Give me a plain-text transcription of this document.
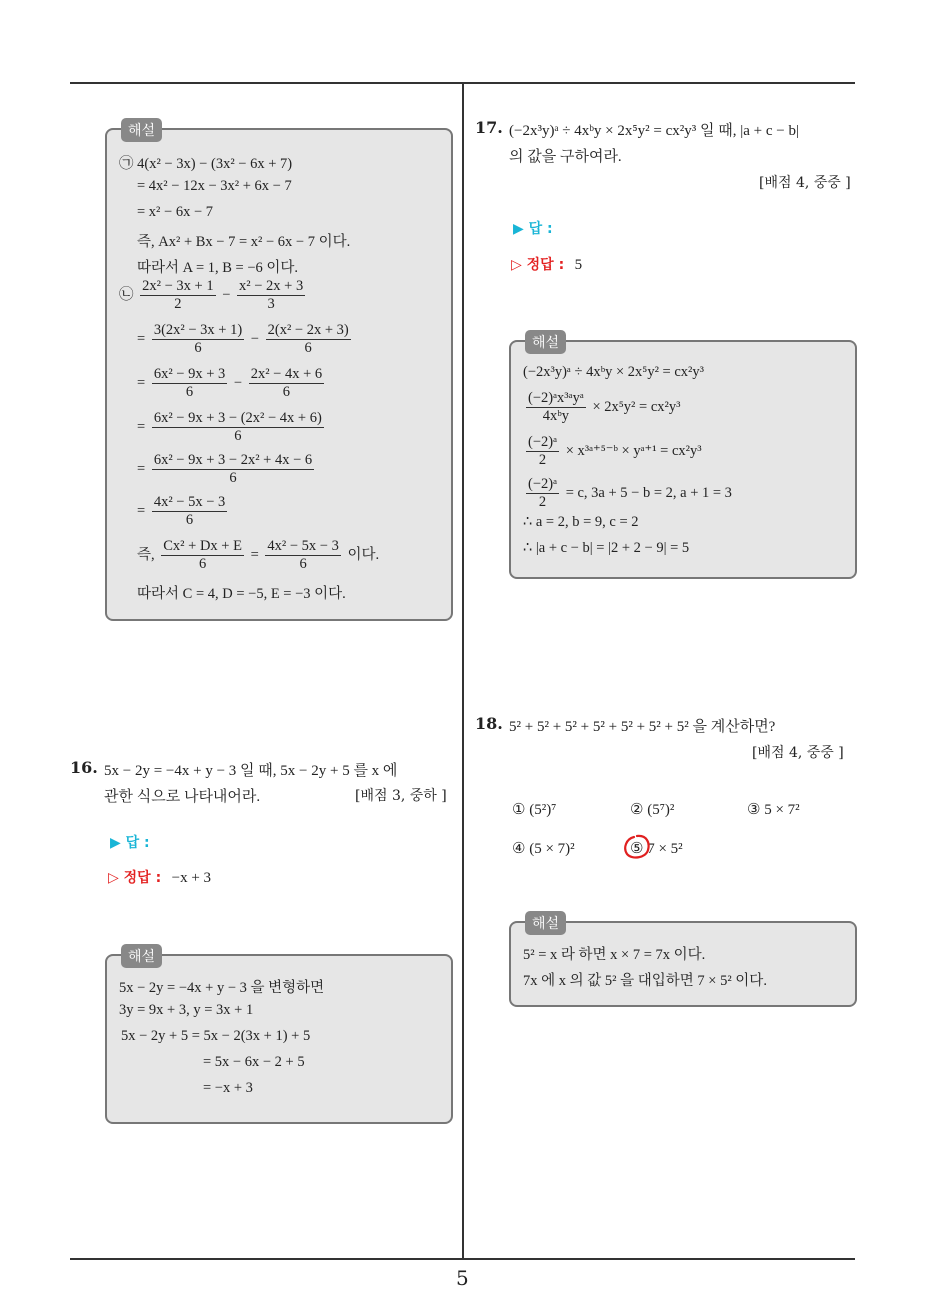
5
해설
㉠ 4(x² − 3x) − (3x² − 6x + 7)
= 4x² − 12x − 3x² + 6x − 7
= x² − 6x − 7
즉, Ax² + Bx − 7 = x² − 6x − 7 이다.
따라서 A = 1, B = −6 이다.
㉡ $\frac{\text{2x² − 3x + 1}}{2} - \frac{\text{x² − 2x + 3}}{3}$
= $\frac{\text{3(2x² − 3x + 1)}}{6} - \frac{\text{2(x² − 2x + 3)}}{6}$
= $\frac{\text{6x² − 9x + 3}}{6} - \frac{\text{2x² − 4x + 6}}{6}$
= $\frac{\text{6x² − 9x + 3 − (2x² − 4x + 6)}}{6}$
= $\frac{\text{6x² − 9x + 3 − 2x² + 4x − 6}}{6}$
= $\frac{\text{4x² − 5x − 3}}{6}$
즉, $\frac{\text{Cx² + Dx + E}}{6} = \frac{\text{4x² − 5x − 3}}{6}$ 이다.
따라서 C = 4, D = −5, E = −3 이다.
16. 5x − 2y = −4x + y − 3 일 때, 5x − 2y + 5 를 x 에
관한 식으로 나타내어라.	[배점 3, 중하 ]
▶ 답 :
▷ 정답 : −x + 3
해설
5x − 2y = −4x + y − 3 을 변형하면
3y = 9x + 3, y = 3x + 1
5x − 2y + 5 = 5x − 2(3x + 1) + 5
= 5x − 6x − 2 + 5
= −x + 3
17. (−2x³y)ᵃ ÷ 4xᵇy × 2x⁵y² = cx²y³ 일 때, |a + c − b|
의 값을 구하여라.
[배점 4, 중중 ]
▶ 답 :
▷ 정답 : 5
해설
(−2x³y)ᵃ ÷ 4xᵇy × 2x⁵y² = cx²y³
$\frac{\text{(−2)ᵃx³ᵃyᵃ}}{\text{4xᵇy}} \times 2x^5y^2 = cx^2y^3$
$\frac{\text{(−2)ᵃ}}{2}$ × x³ᵃ⁺⁵⁻ᵇ × yᵃ⁺¹ = cx²y³
$\frac{\text{(−2)ᵃ}}{2} = c$, 3a + 5 − b = 2, a + 1 = 3
∴ a = 2, b = 9, c = 2
∴ |a + c − b| = |2 + 2 − 9| = 5
18. 5² + 5² + 5² + 5² + 5² + 5² + 5² 을 계산하면?
[배점 4, 중중 ]
① (5²)⁷	② (5⁷)²	③ 5 × 7²
④ (5 × 7)²	⑤ 7 × 5²
해설
5² = x 라 하면 x × 7 = 7x 이다.
7x 에 x 의 값 5² 을 대입하면 7 × 5² 이다.
